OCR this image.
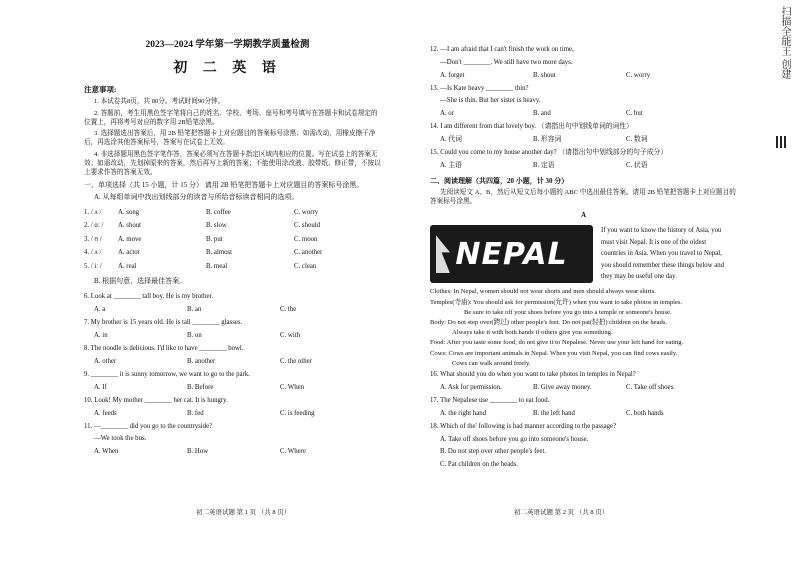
2023—2024 学年第一学期教学质量检测
初 二 英 语
注意事项:
1. 本试卷共8页，共 80分。考试时间90分钟。
2. 答题前，考生用黑色签字笔将自己的姓名、学校、考场、座号和考号填写在答题卡和试卷规定的位置上，再将考号对应的数字用 2B铅笔涂黑。
3. 选择题选出答案后，用 2B 铅笔把答题卡上对应题目的答案标号涂黑；如需改动，用橡皮擦干净后，再选涂其他答案标号，答案写在试卷上无效。
4. 非选择题用黑色签字笔作答，答案必须写在答题卡指定区域内相应的位置。写在试卷上的答案无效；如需改动，先划掉原来的答案，然后再写上新的答案；不能使用涂改液、胶带纸、修正带，不按以上要求作答的答案无效。
一、单项选择（共 15 小题，计 15 分） 请用 2B 铅笔把答题卡上对应题目的答案标号涂黑。
A. 从每组单词中找出划线部分的读音与所给音标读音相同的选项。
1. / ʌ /	A. song	B. coffee	C. worry
2. / ɑː /	A. shout	B. slow	C. should
3. / ʊ /	A. move	B. put	C. moon
4. / ʌ /	A. actor	B. almost	C. another
5. / iː /	A. real	B. meal	C. clean
B. 根据句意，选择最佳答案。
6. Look at ________ tall boy. He is my brother.
A. a	B. an	C. the
7. My brother is 15 years old. He is tall ________ glasses.
A. in	B. on	C. with
8. The noodle is delicious. I'd like to have ________ bowl.
A. other	B. another	C. the other
9. ________ it is sunny tomorrow, we want to go to the park.
A. If	B. Before	C. When
10. Look! My mother ________ her cat. It is hungry.
A. feeds	B. fed	C. is feeding
11. —________ did you go to the countryside?
—We took the bus.
A. When	B. How	C. Where
初二英语试题 第 1 页 （共 8 页）
12. —I am afraid that I can't finish the work on time,
—Don't ________. We still have two more days.
A. forget	B. shout	C. worry
13. —Is Kate heavy ________ thin?
—She is thin. But her sister is heavy.
A. or	B. and	C. but
14. I am different from that lovely boy. （请指出句中划线单词的词性）
A. 代词	B. 形容词	C. 数词
15. Could you come to my house another day? （请指出句中划线部分的句子成分）
A. 主语	B. 定语	C. 状语
二、阅读理解（共四篇，20 小题，计 30 分）
先阅读短文 A、B，然后从短文后每小题的 ABC 中选出最佳答案。请用 2B 铅笔把答题卡上对应题目的答案标号涂黑。
A
NEPAL
If you want to know the history of Asia, you must visit Nepal. It is one of the oldest countries in Asia. When you travel to Nepal, you should remember these things below and they may be useful one day.
Clothes: In Nepal, women should not wear shorts and men should always wear shirts.
Temples(寺庙): You should ask for permission(允许) when you want to take photos in temples.
Be sure to take off your shoes before you go into a temple or someone's house.
Body: Do not step over(跨过) other people's feet. Do not pat(轻拍) children on the heads.
Always take it with both hands if others give you something.
Food: After you taste some food, do not give it to Nepalese. Never use your left hand for eating.
Cows: Cows are important animals in Nepal. When you visit Nepal, you can find cows easily.
Cows can walk around freely.
16. What should you do when you want to take photos in temples in Nepal?
A. Ask for permission.	B. Give away money.	C. Take off shoes.
17. The Nepalese use ________ to eat food.
A. the right hand	B. the left hand	C. both hands
18. Which of the' following is bad manner according to the passage?
A. Take off shoes before you go into someone's house.
B. Do not step over other people's feet.
C. Pat children on the heads.
初二英语试题 第 2 页 （共 8 页）
扫描全能王 创建
